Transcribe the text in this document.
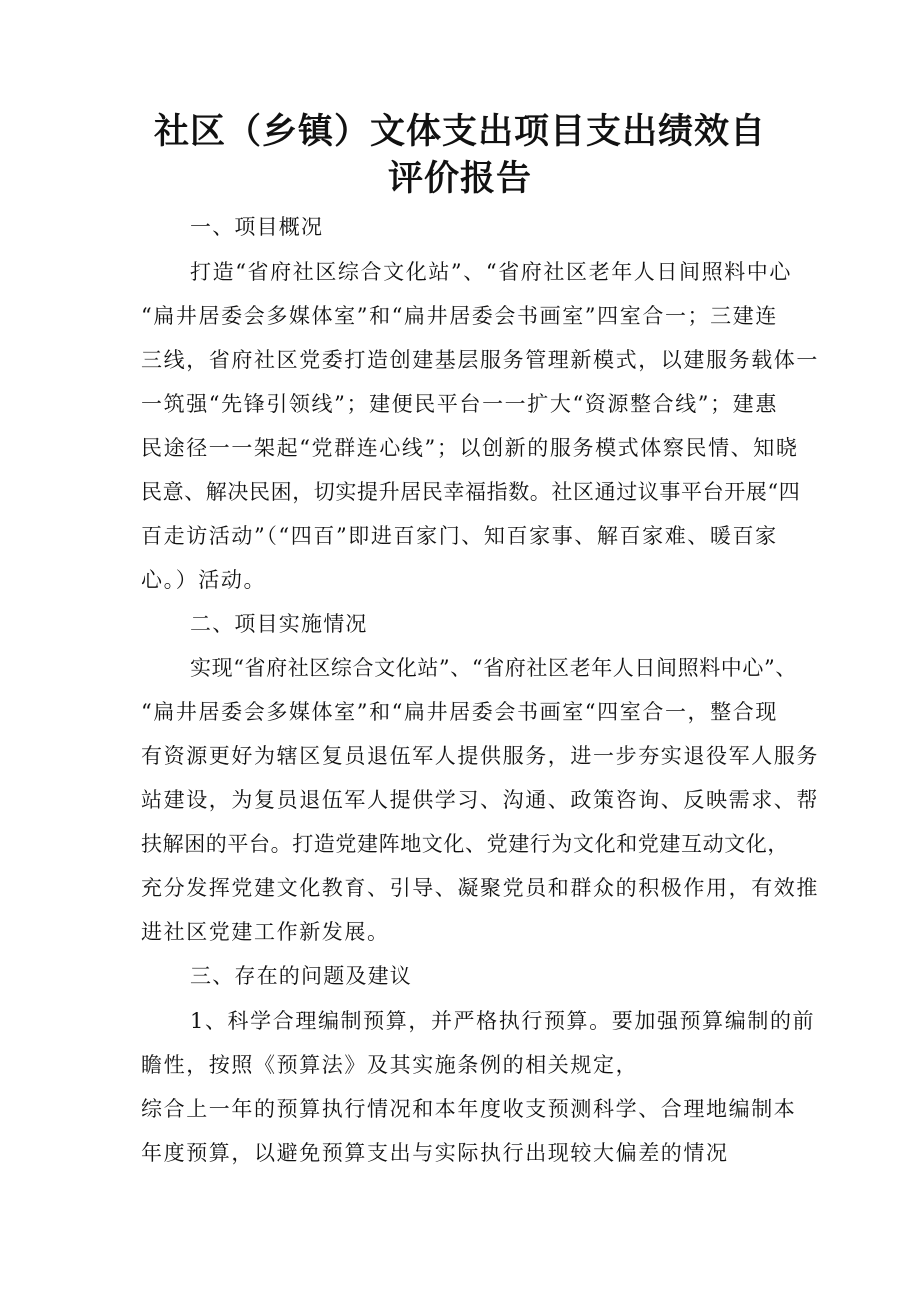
社区（乡镇）文体支出项目支出绩效自
评价报告
一、项目概况
打造“省府社区综合文化站”、“省府社区老年人日间照料中心
“扁井居委会多媒体室”和“扁井居委会书画室”四室合一；三建连
三线，省府社区党委打造创建基层服务管理新模式，以建服务载体一
一筑强“先锋引领线”；建便民平台一一扩大“资源整合线”；建惠
民途径一一架起“党群连心线”；以创新的服务模式体察民情、知晓
民意、解决民困，切实提升居民幸福指数。社区通过议事平台开展“四
百走访活动”（“四百”即进百家门、知百家事、解百家难、暖百家
心。）活动。
二、项目实施情况
实现“省府社区综合文化站”、“省府社区老年人日间照料中心”、
“扁井居委会多媒体室”和“扁井居委会书画室“四室合一，整合现
有资源更好为辖区复员退伍军人提供服务，进一步夯实退役军人服务
站建设，为复员退伍军人提供学习、沟通、政策咨询、反映需求、帮
扶解困的平台。打造党建阵地文化、党建行为文化和党建互动文化，
充分发挥党建文化教育、引导、凝聚党员和群众的积极作用，有效推
进社区党建工作新发展。
三、存在的问题及建议
1、科学合理编制预算，并严格执行预算。要加强预算编制的前
瞻性，按照《预算法》及其实施条例的相关规定，
综合上一年的预算执行情况和本年度收支预测科学、合理地编制本
年度预算，以避免预算支出与实际执行出现较大偏差的情况
